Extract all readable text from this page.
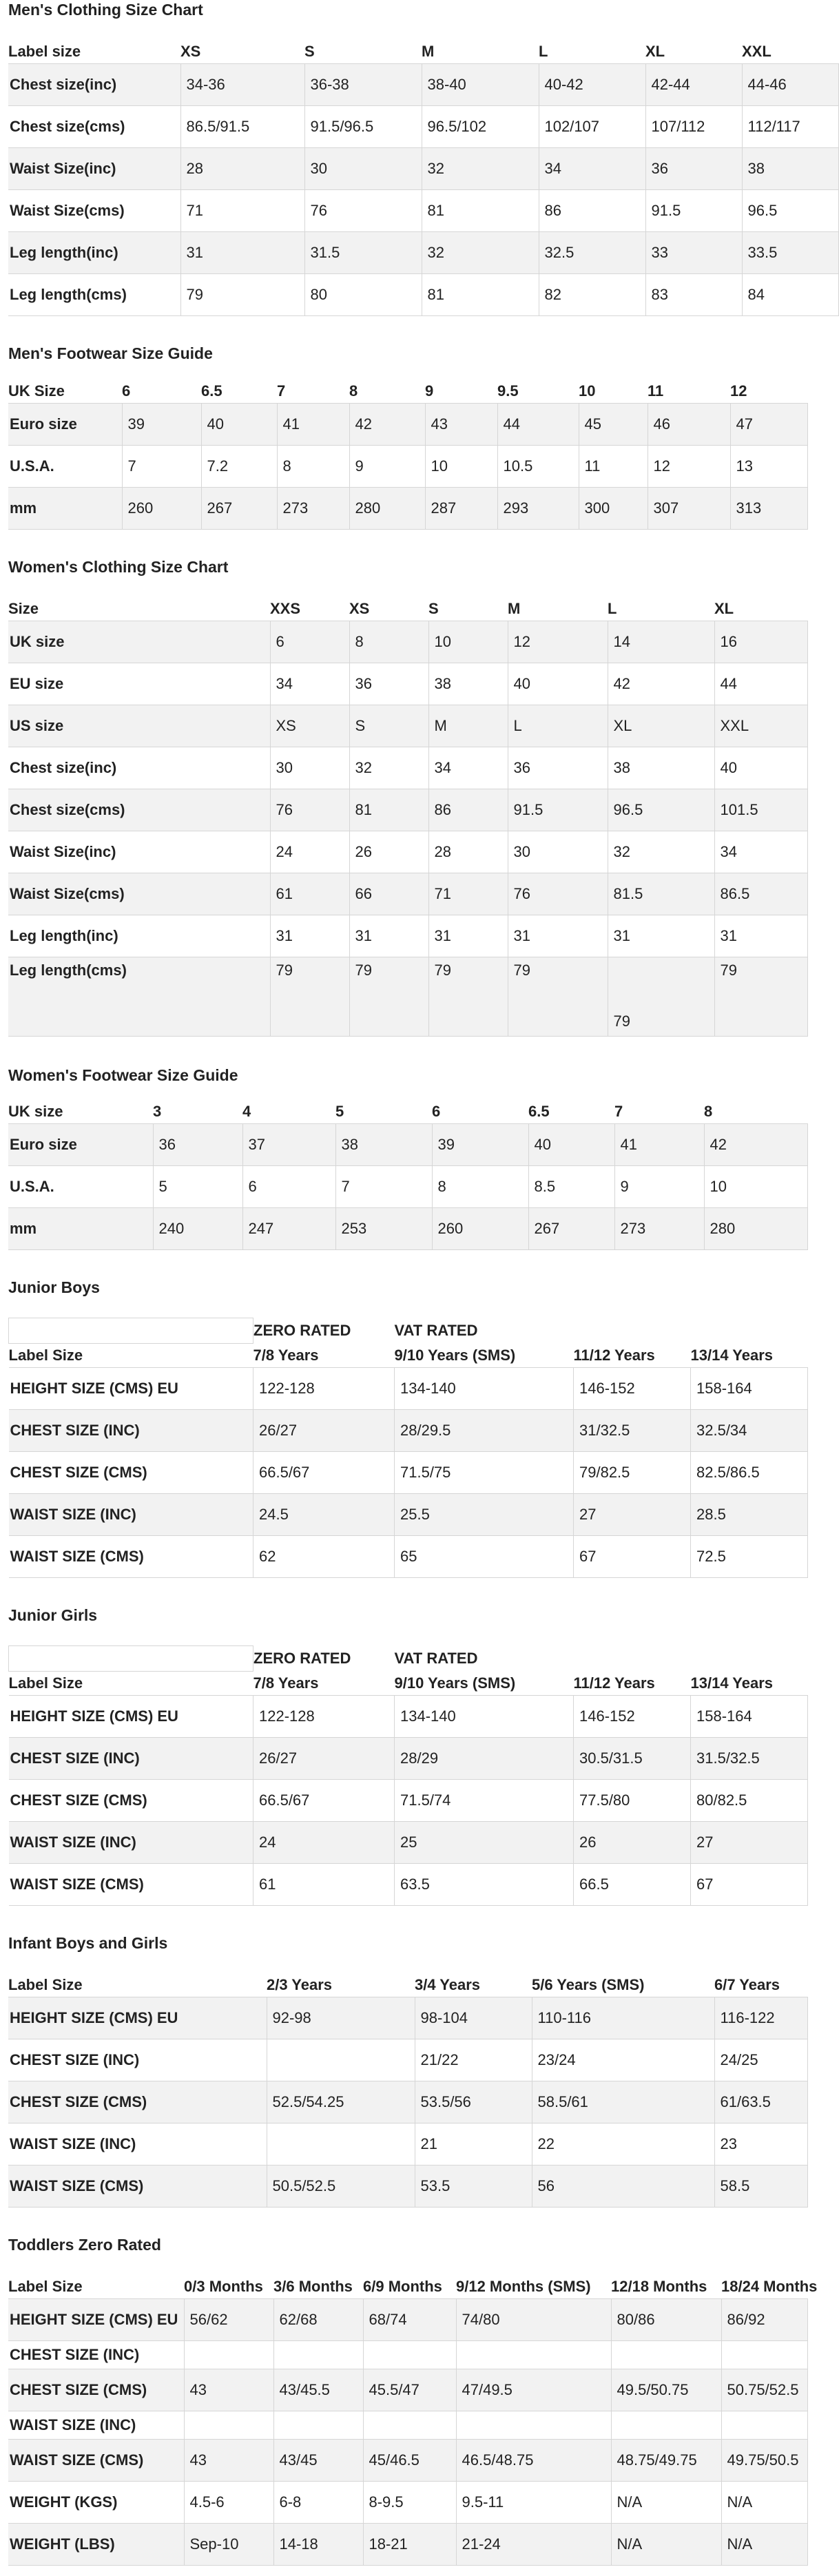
Men's Clothing Size Chart
Label size	XS	S	M	L	XL	XXL
Chest size(inc)	34-36	36-38	38-40	40-42	42-44	44-46
Chest size(cms)	86.5/91.5	91.5/96.5	96.5/102	102/107	107/112	112/117
Waist Size(inc)	28	30	32	34	36	38
Waist Size(cms)	71	76	81	86	91.5	96.5
Leg length(inc)	31	31.5	32	32.5	33	33.5
Leg length(cms)	79	80	81	82	83	84
Men's Footwear Size Guide
UK Size	6	6.5	7	8	9	9.5	10	11	12
Euro size	39	40	41	42	43	44	45	46	47
U.S.A.	7	7.2	8	9	10	10.5	11	12	13
mm	260	267	273	280	287	293	300	307	313
Women's Clothing Size Chart
Size	XXS	XS	S	M	L	XL
UK size	6	8	10	12	14	16
EU size	34	36	38	40	42	44
US size	XS	S	M	L	XL	XXL
Chest size(inc)	30	32	34	36	38	40
Chest size(cms)	76	81	86	91.5	96.5	101.5
Waist Size(inc)	24	26	28	30	32	34
Waist Size(cms)	61	66	71	76	81.5	86.5
Leg length(inc)	31	31	31	31	31	31
Leg length(cms)	79	79	79	79	79	79
Women's Footwear Size Guide
UK size	3	4	5	6	6.5	7	8
Euro size	36	37	38	39	40	41	42
U.S.A.	5	6	7	8	8.5	9	10
mm	240	247	253	260	267	273	280
Junior Boys
	ZERO RATED	VAT RATED		
Label Size	7/8 Years	9/10 Years (SMS)	11/12 Years	13/14 Years
HEIGHT SIZE (CMS) EU	122-128	134-140	146-152	158-164
CHEST SIZE (INC)	26/27	28/29.5	31/32.5	32.5/34
CHEST SIZE (CMS)	66.5/67	71.5/75	79/82.5	82.5/86.5
WAIST SIZE (INC)	24.5	25.5	27	28.5
WAIST SIZE (CMS)	62	65	67	72.5
Junior Girls
	ZERO RATED	VAT RATED		
Label Size	7/8 Years	9/10 Years (SMS)	11/12 Years	13/14 Years
HEIGHT SIZE (CMS) EU	122-128	134-140	146-152	158-164
CHEST SIZE (INC)	26/27	28/29	30.5/31.5	31.5/32.5
CHEST SIZE (CMS)	66.5/67	71.5/74	77.5/80	80/82.5
WAIST SIZE (INC)	24	25	26	27
WAIST SIZE (CMS)	61	63.5	66.5	67
Infant Boys and Girls
Label Size	2/3 Years	3/4 Years	5/6 Years (SMS)	6/7 Years
HEIGHT SIZE (CMS) EU	92-98	98-104	110-116	116-122
CHEST SIZE (INC)		21/22	23/24	24/25
CHEST SIZE (CMS)	52.5/54.25	53.5/56	58.5/61	61/63.5
WAIST SIZE (INC)		21	22	23
WAIST SIZE (CMS)	50.5/52.5	53.5	56	58.5
Toddlers Zero Rated
Label Size	0/3 Months	3/6 Months	6/9 Months	9/12 Months (SMS)	12/18 Months	18/24 Months
HEIGHT SIZE (CMS) EU	56/62	62/68	68/74	74/80	80/86	86/92
CHEST SIZE (INC)						
CHEST SIZE (CMS)	43	43/45.5	45.5/47	47/49.5	49.5/50.75	50.75/52.5
WAIST SIZE (INC)						
WAIST SIZE (CMS)	43	43/45	45/46.5	46.5/48.75	48.75/49.75	49.75/50.5
WEIGHT (KGS)	4.5-6	6-8	8-9.5	9.5-11	N/A	N/A
WEIGHT (LBS)	Sep-10	14-18	18-21	21-24	N/A	N/A
